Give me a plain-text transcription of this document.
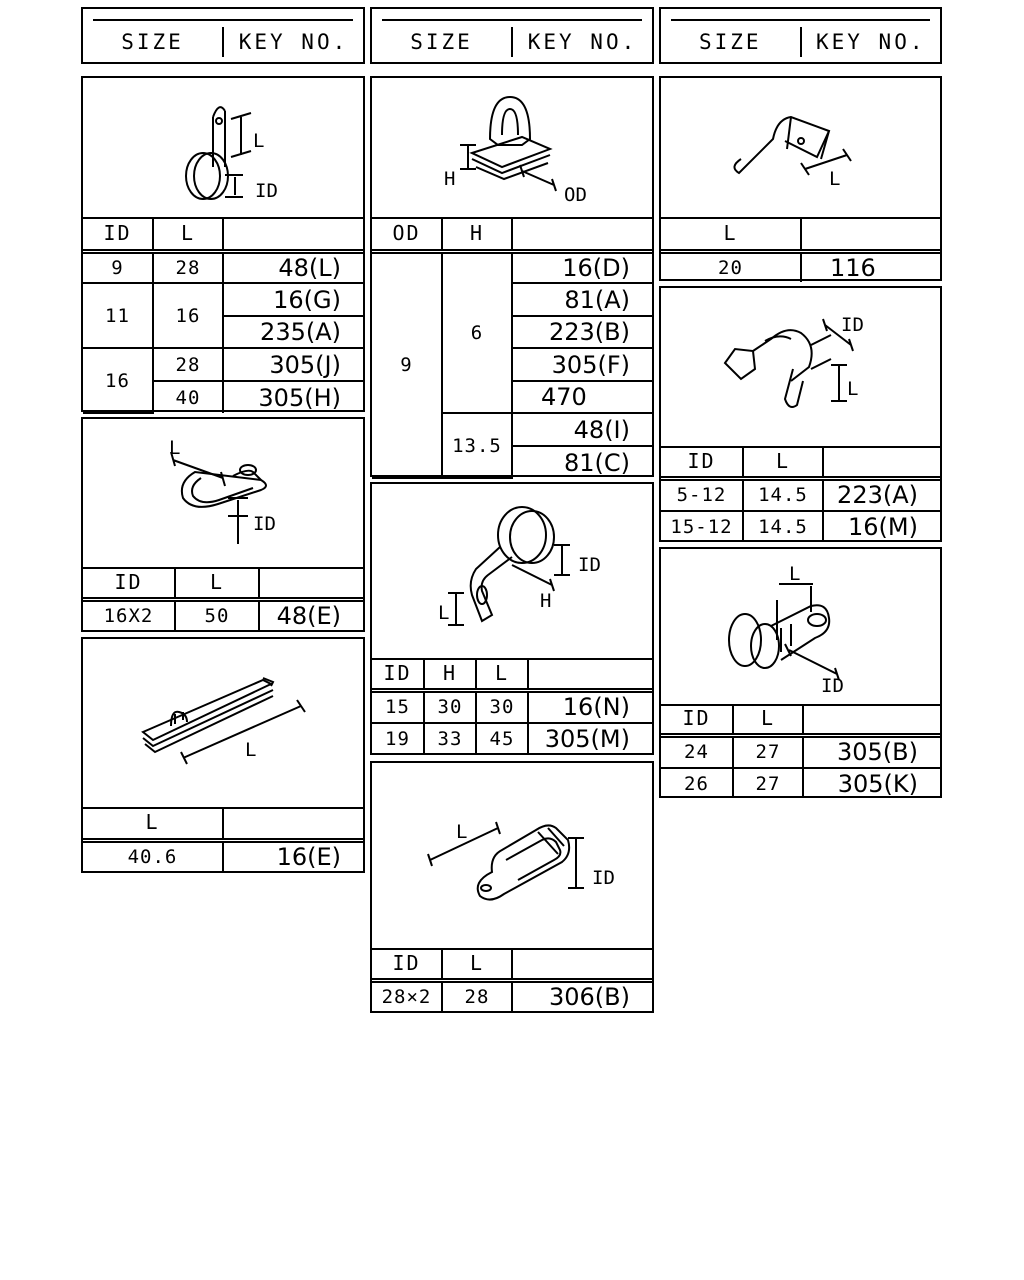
SIZE	KEY NO.	SIZE	KEY NO.	SIZE	KEY NO.
L
ID
ID	L	
9	28	48(L)
11	16	16(G)
		235(A)
16	28	305(J)
	40	305(H)
L
ID
ID	L	
16X2	50	48(E)
L
L	
40.6	16(E)
H
OD
OD	H	
9	6	16(D)
		81(A)
		223(B)
		305(F)
		470
	13.5	48(I)
		81(C)
ID
H
L
ID	H	L	
15	30	30	16(N)
19	33	45	305(M)
L
ID
ID	L	
28×2	28	306(B)
L
L	
20	116
ID
L
ID	L	
5-12	14.5	223(A)
15-12	14.5	16(M)
L
ID
ID	L	
24	27	305(B)
26	27	305(K)
